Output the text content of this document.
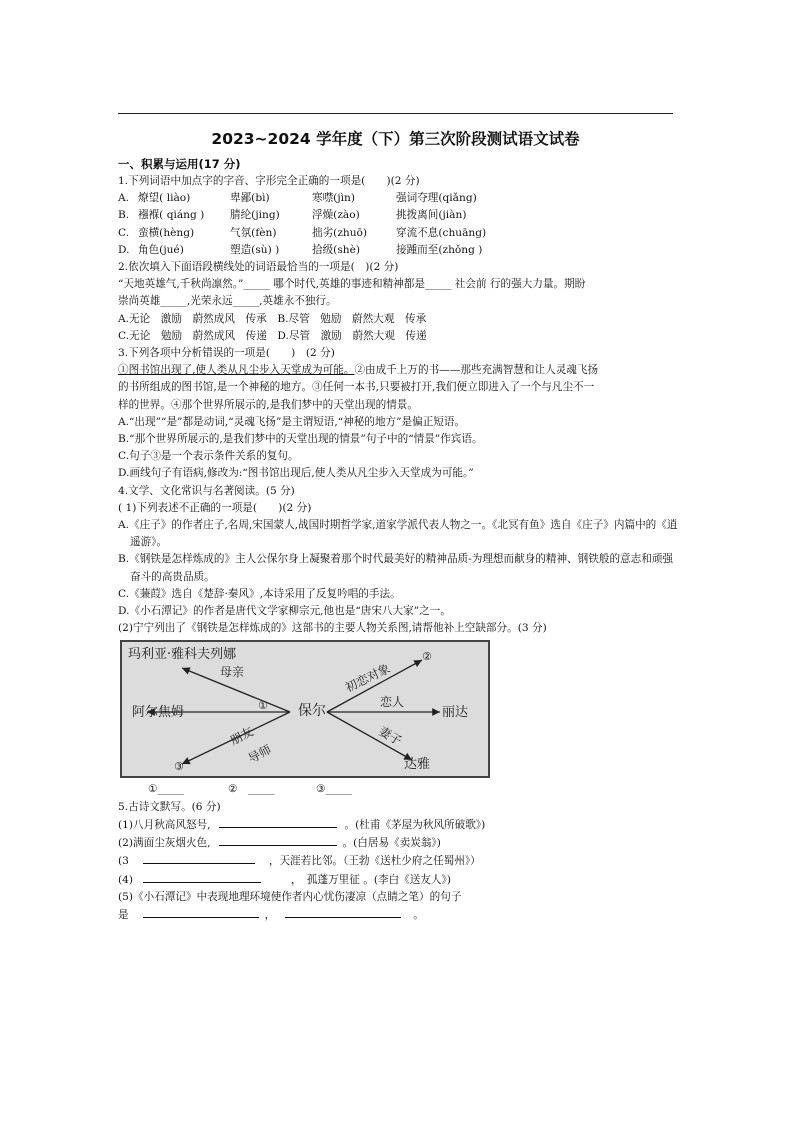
2023~2024 学年度（下）第三次阶段测试语文试卷
一、积累与运用(17 分)
1.下列词语中加点字的字音、字形完全正确的一项是(　　)(2 分)
A. 燎望( liào)	卑鄙(bì)	寒噤(jìn)	强词夺理(qiǎng)
B. 襁褓( qiáng )	腈纶(jing)	浮燥(zào)	挑拨离间(jiàn)
C. 蛮横(hèng)	气氛(fèn)	拙劣(zhuō)	穿流不息(chuāng)
D. 角色(jué)	塑造(sù) )	拾级(shè)	接踵而至(zhǒng )
2.依次填入下面语段横线处的词语最恰当的一项是(　)(2 分)
“天地英雄气,千秋尚凛然。”_____ 哪个时代,英雄的事迹和精神都是_____ 社会前 行的强大力量。期盼
崇尚英雄_____,光荣永远_____,英雄永不独行。
A.无论　激励　蔚然成风　传承　B.尽管　勉励　蔚然大观　传承
C.无论　勉励　蔚然成风　传递　D.尽管　激励　蔚然大观　传递
3.下列各项中分析错误的一项是(　　)　(2 分)
①图书馆出现了,使人类从凡尘步入天堂成为可能。②由成千上万的书——那些充满智慧和让人灵魂飞扬
的书所组成的图书馆,是一个神秘的地方。③任何一本书,只要被打开,我们便立即进入了一个与凡尘不一
样的世界。④那个世界所展示的,是我们梦中的天堂出现的情景。
A.“出现”“是”都是动词,“灵魂飞扬”是主谓短语,“神秘的地方”是偏正短语。
B.“那个世界所展示的,是我们梦中的天堂出现的情景”句子中的“情景”作宾语。
C.句子③是一个表示条件关系的复句。
D.画线句子有语病,修改为:“图书馆出现后,使人类从凡尘步入天堂成为可能。”
4.文学、文化常识与名著阅读。(5 分)
( 1)下列表述不正确的一项是(　　)(2 分)
A.《庄子》的作者庄子,名周,宋国蒙人,战国时期哲学家,道家学派代表人物之一。《北冥有鱼》选自《庄子》内篇中的《逍遥游》。
B.《钢铁是怎样炼成的》主人公保尔身上凝聚着那个时代最美好的精神品质-为理想而献身的精神、钢铁般的意志和顽强奋斗的高贵品质。
C.《蒹葭》选自《楚辞·秦风》,本诗采用了反复吟唱的手法。
D.《小石潭记》的作者是唐代文学家柳宗元,他也是“唐宋八大家”之一。
(2)宁宁列出了《钢铁是怎样炼成的》这部书的主要人物关系图,请帮他补上空缺部分。(3 分)
玛利亚·雅科夫列娜
母亲	初恋对象
②
阿尔焦姆	① 保尔
恋人
丽达
朋友
导师
妻子
③	达雅
①_____	②　_____	③_____
5.古诗文默写。(6 分)
(1)八月秋高风怒号,	。(杜甫《茅屋为秋风所破歌》)
(2)满面尘灰烟火色,	。(白居易《卖炭翁》)
(3	，天涯若比邻。（王勃《送杜少府之任蜀州》）
(4)	，　孤蓬万里征 。(李白《送友人》)
(5)《小石潭记》中表现地理环境使作者内心忧伤凄凉（点睛之笔）的句子
是	，	。
